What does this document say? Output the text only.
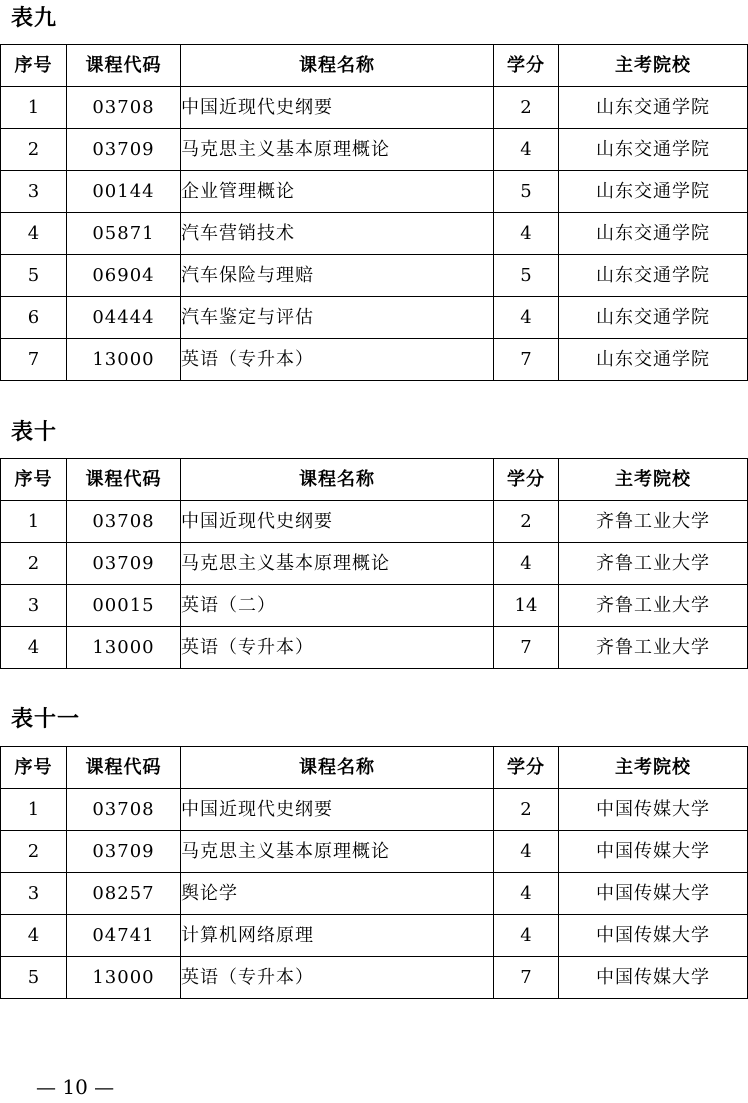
表九
序号	课程代码	课程名称	学分	主考院校
1	03708	中国近现代史纲要	2	山东交通学院
2	03709	马克思主义基本原理概论	4	山东交通学院
3	00144	企业管理概论	5	山东交通学院
4	05871	汽车营销技术	4	山东交通学院
5	06904	汽车保险与理赔	5	山东交通学院
6	04444	汽车鉴定与评估	4	山东交通学院
7	13000	英语（专升本）	7	山东交通学院
表十
序号	课程代码	课程名称	学分	主考院校
1	03708	中国近现代史纲要	2	齐鲁工业大学
2	03709	马克思主义基本原理概论	4	齐鲁工业大学
3	00015	英语（二）	14	齐鲁工业大学
4	13000	英语（专升本）	7	齐鲁工业大学
表十一
序号	课程代码	课程名称	学分	主考院校
1	03708	中国近现代史纲要	2	中国传媒大学
2	03709	马克思主义基本原理概论	4	中国传媒大学
3	08257	舆论学	4	中国传媒大学
4	04741	计算机网络原理	4	中国传媒大学
5	13000	英语（专升本）	7	中国传媒大学
— 10 —
